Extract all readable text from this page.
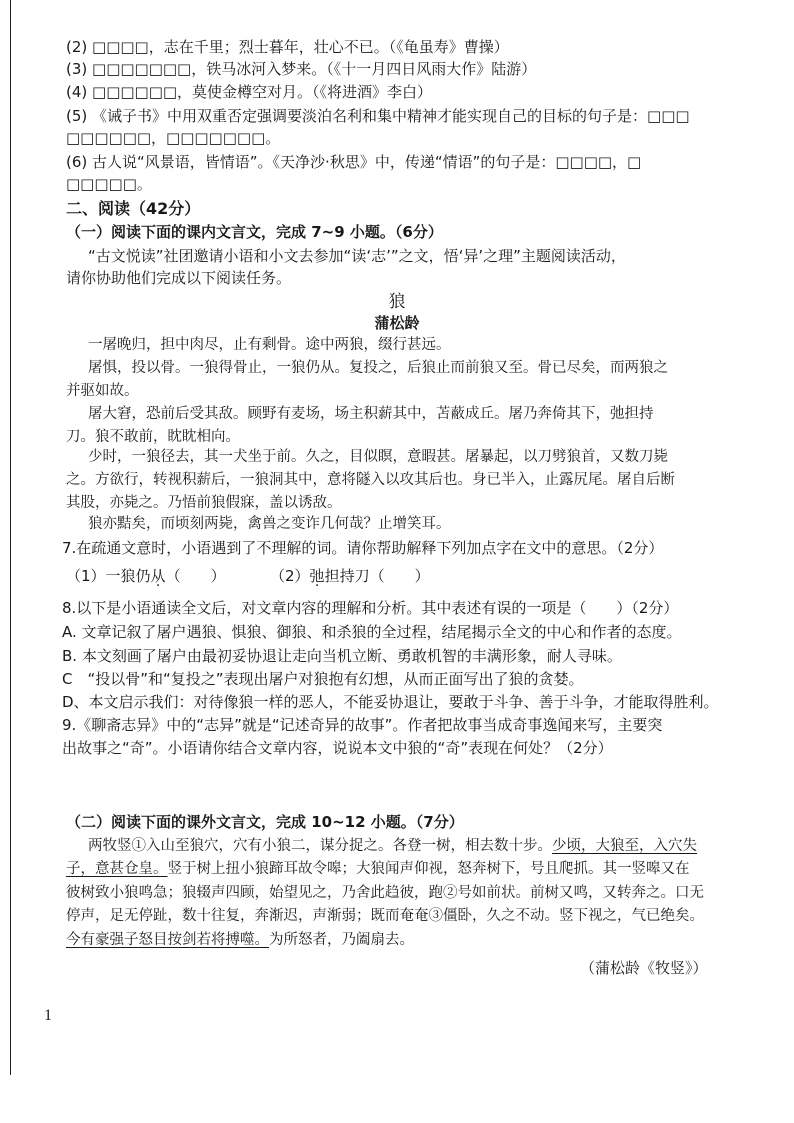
(2) □□□□，志在千里；烈士暮年，壮心不已。（《龟虽寿》曹操）
(3) □□□□□□□，铁马冰河入梦来。（《十一月四日风雨大作》陆游）
(4) □□□□□□，莫使金樽空对月。（《将进酒》李白）
(5) 《诫子书》中用双重否定强调要淡泊名利和集中精神才能实现自己的目标的句子是：□□□
□□□□□□，□□□□□□□。
(6) 古人说“风景语，皆情语”。《天净沙·秋思》中，传递“情语”的句子是：□□□□，□
□□□□□。
二、阅读（42分）
（一）阅读下面的课内文言文，完成 7~9 小题。（6分）
“古文悦读”社团邀请小语和小文去参加“读‘志’”之文，悟‘异’之理”主题阅读活动，
请你协助他们完成以下阅读任务。
狼
蒲松龄
一屠晚归，担中肉尽，止有剩骨。途中两狼，缀行甚远。
屠惧，投以骨。一狼得骨止，一狼仍从。复投之，后狼止而前狼又至。骨已尽矣，而两狼之
并驱如故。
屠大窘，恐前后受其敌。顾野有麦场，场主积薪其中，苫蔽成丘。屠乃奔倚其下，弛担持
刀。狼不敢前，眈眈相向。
少时，一狼径去，其一犬坐于前。久之，目似瞑，意暇甚。屠暴起，以刀劈狼首，又数刀毙
之。方欲行，转视积薪后，一狼洞其中，意将隧入以攻其后也。身已半入，止露尻尾。屠自后断
其股，亦毙之。乃悟前狼假寐，盖以诱敌。
狼亦黠矣，而顷刻两毙，禽兽之变诈几何哉？止增笑耳。
7.在疏通文意时，小语遇到了不理解的词。请你帮助解释下列加点字在文中的意思。（2分）
（1）一狼仍从（　　）	（2）弛担持刀（　　）
8.以下是小语通读全文后，对文章内容的理解和分析。其中表述有误的一项是（　　）（2分）
A. 文章记叙了屠户遇狼、惧狼、御狼、和杀狼的全过程，结尾揭示全文的中心和作者的态度。
B. 本文刻画了屠户由最初妥协退让走向当机立断、勇敢机智的丰满形象，耐人寻味。
C　“投以骨”和“复投之”表现出屠户对狼抱有幻想，从而正面写出了狼的贪婪。
D、本文启示我们：对待像狼一样的恶人，不能妥协退让，要敢于斗争、善于斗争，才能取得胜利。
9.《聊斋志异》中的“志异”就是“记述奇异的故事”。作者把故事当成奇事逸闻来写，主要突
出故事之“奇”。小语请你结合文章内容，说说本文中狼的“奇”表现在何处？（2分）
（二）阅读下面的课外文言文，完成 10~12 小题。（7分）
两牧竖①入山至狼穴，穴有小狼二，谋分捉之。各登一树，相去数十步。少顷，大狼至，入穴失
子，意甚仓皇。竖于树上扭小狼蹄耳故令嗥；大狼闻声仰视，怒奔树下，号且爬抓。其一竖嗥又在
彼树致小狼鸣急；狼辍声四顾，始望见之，乃舍此趋彼，跑②号如前状。前树又鸣，又转奔之。口无
停声，足无停趾，数十往复，奔渐迟，声渐弱；既而奄奄③僵卧，久之不动。竖下视之，气已绝矣。
今有豪强子怒目按剑若将搏噬。为所怒者，乃阖扇去。
（蒲松龄《牧竖》）
1
